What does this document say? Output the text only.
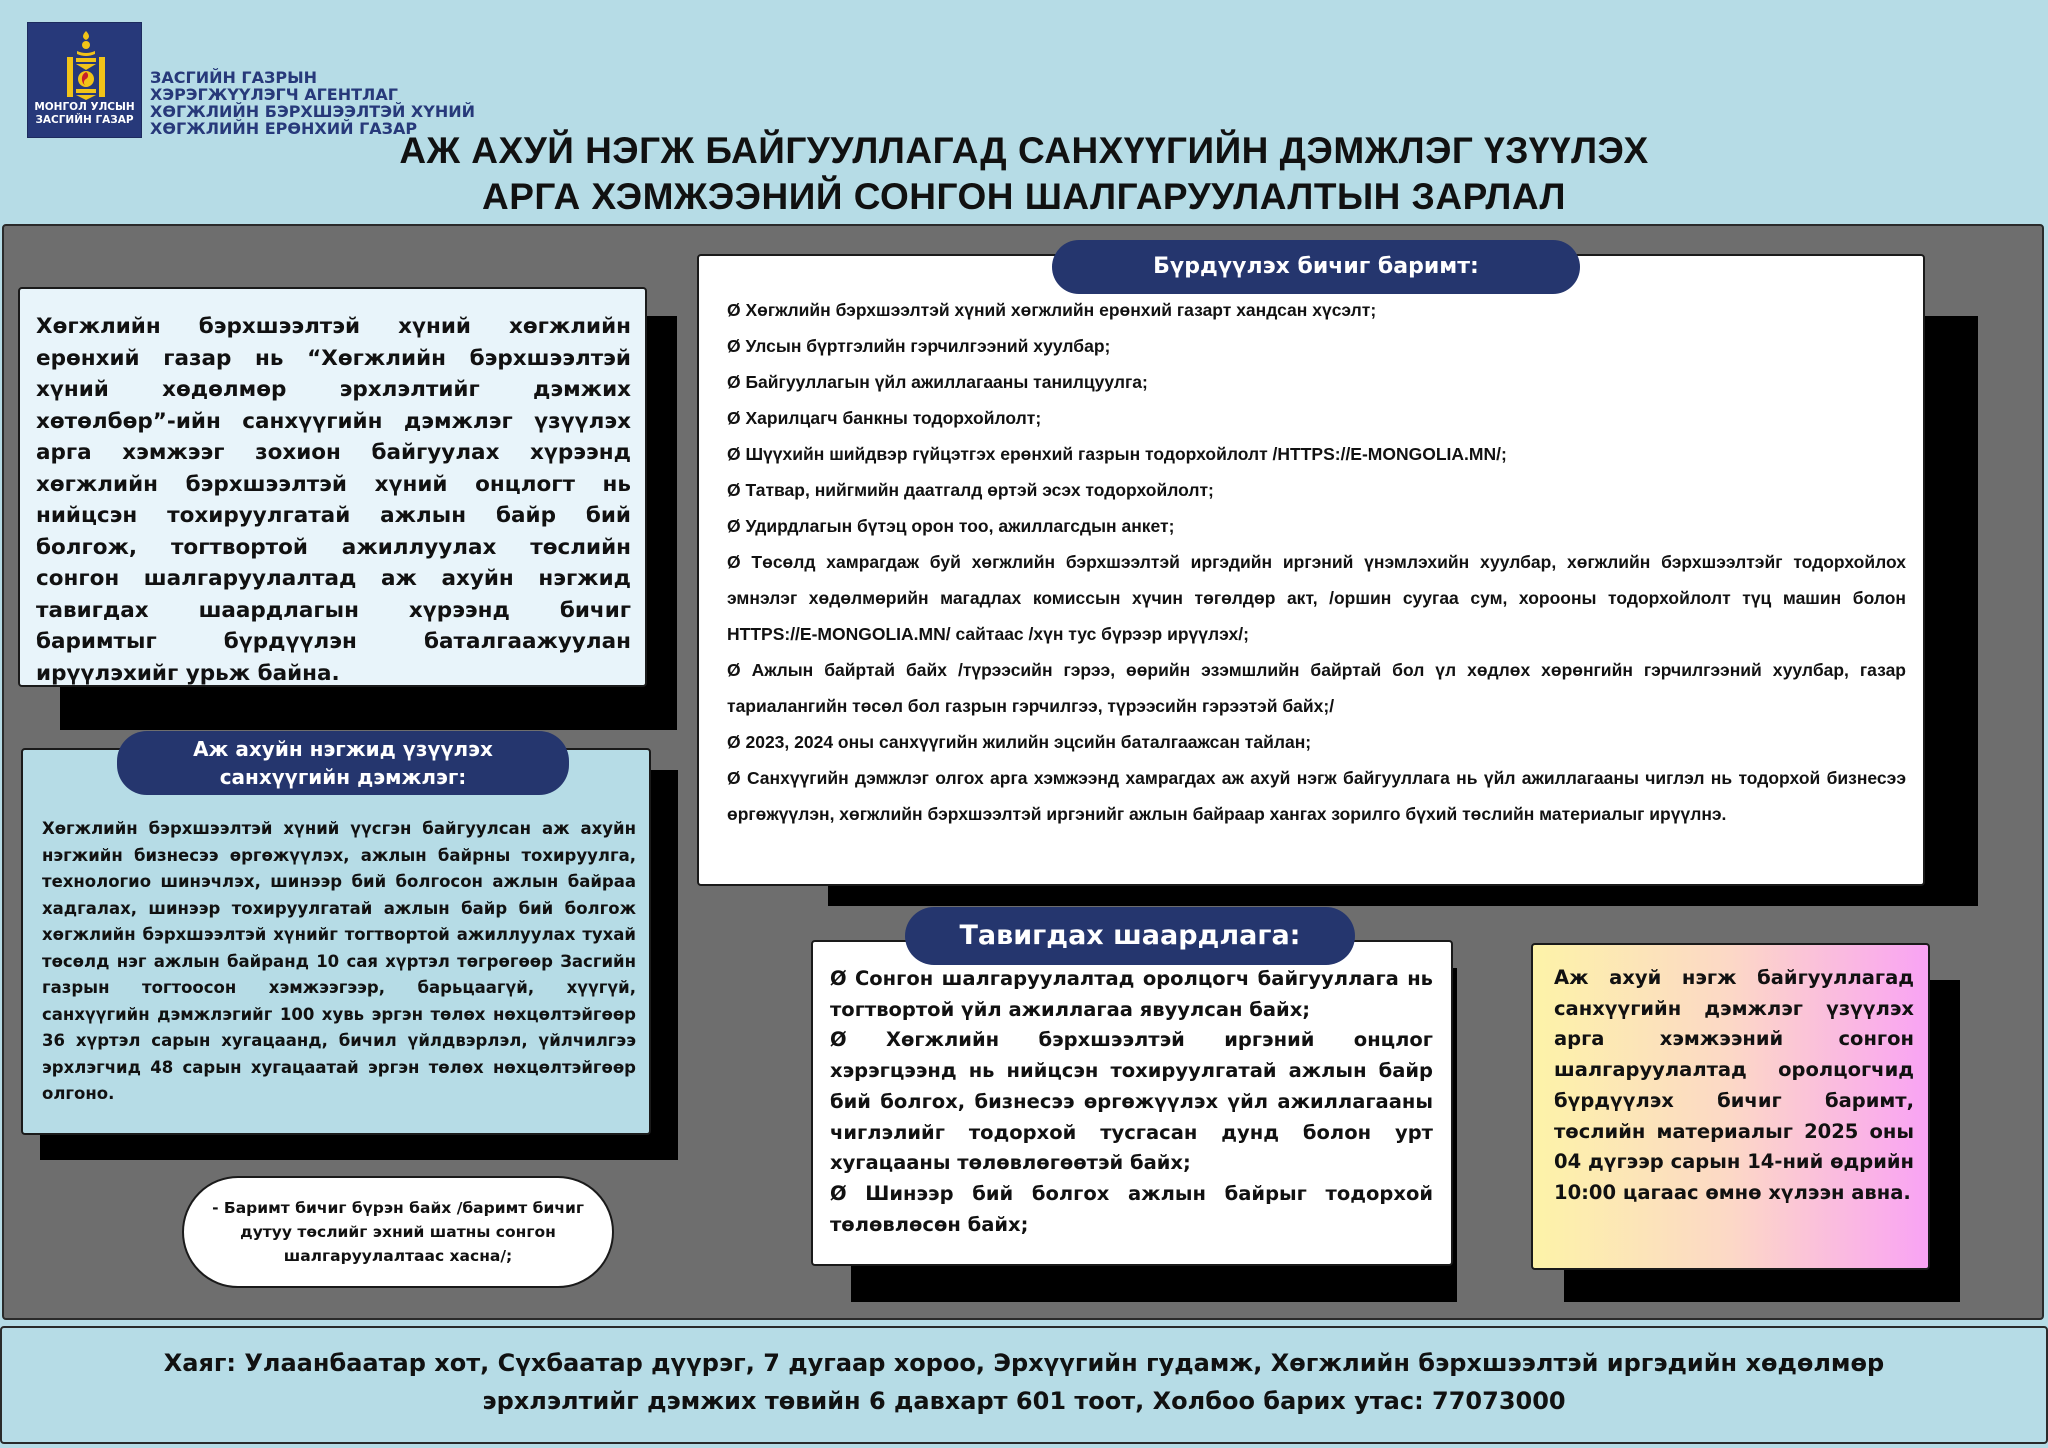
МОНГОЛ УЛСЫН
ЗАСГИЙН ГАЗАР
ЗАСГИЙН ГАЗРЫН
ХЭРЭГЖҮҮЛЭГЧ АГЕНТЛАГ
ХӨГЖЛИЙН БЭРХШЭЭЛТЭЙ ХҮНИЙ
ХӨГЖЛИЙН ЕРӨНХИЙ ГАЗАР
АЖ АХУЙ НЭГЖ БАЙГУУЛЛАГАД САНХҮҮГИЙН ДЭМЖЛЭГ ҮЗҮҮЛЭХ
АРГА ХЭМЖЭЭНИЙ СОНГОН ШАЛГАРУУЛАЛТЫН ЗАРЛАЛ

Хөгжлийн бэрхшээлтэй хүний хөгжлийн ерөнхий газар нь “Хөгжлийн бэрхшээлтэй хүний хөдөлмөр эрхлэлтийг дэмжих хөтөлбөр”-ийн санхүүгийн дэмжлэг үзүүлэх арга хэмжээг зохион байгуулах хүрээнд хөгжлийн бэрхшээлтэй хүний онцлогт нь нийцсэн тохируулгатай ажлын байр бий болгож, тогтвортой ажиллуулах төслийн сонгон шалгаруулалтад аж ахуйн нэгжид тавигдах шаардлагын хүрээнд бичиг баримтыг бүрдүүлэн баталгаажуулан ирүүлэхийг урьж байна.

Хөгжлийн бэрхшээлтэй хүний үүсгэн байгуулсан аж ахуйн нэгжийн бизнесээ өргөжүүлэх, ажлын байрны тохируулга, технологио шинэчлэх, шинээр бий болгосон ажлын байраа хадгалах, шинээр тохируулгатай ажлын байр бий болгож хөгжлийн бэрхшээлтэй хүнийг тогтвортой ажиллуулах тухай төсөлд нэг ажлын байранд 10 сая хүртэл төгрөгөөр Засгийн газрын тогтоосон хэмжээгээр, барьцаагүй, хүүгүй, санхүүгийн дэмжлэгийг 100 хувь эргэн төлөх нөхцөлтэйгөөр 36 хүртэл сарын хугацаанд, бичил үйлдвэрлэл, үйлчилгээ эрхлэгчид 48 сарын хугацаатай эргэн төлөх нөхцөлтэйгөөр олгоно.

Аж ахуйн нэгжид үзүүлэх
санхүүгийн дэмжлэг:
- Баримт бичиг бүрэн байх /баримт бичиг дутуу төслийг эхний шатны сонгон шалгаруулалтаас хасна/;
Ø Хөгжлийн бэрхшээлтэй хүний хөгжлийн ерөнхий газарт хандсан хүсэлт;
Ø Улсын бүртгэлийн гэрчилгээний хуулбар;
Ø Байгууллагын үйл ажиллагааны танилцуулга;
Ø Харилцагч банкны тодорхойлолт;
Ø Шүүхийн шийдвэр гүйцэтгэх ерөнхий газрын тодорхойлолт /HTTPS://E-MONGOLIA.MN/;
Ø Татвар, нийгмийн даатгалд өртэй эсэх тодорхойлолт;
Ø Удирдлагын бүтэц орон тоо, ажиллагсдын анкет;
Ø Төсөлд хамрагдаж буй хөгжлийн бэрхшээлтэй иргэдийн иргэний үнэмлэхийн хуулбар, хөгжлийн бэрхшээлтэйг тодорхойлох эмнэлэг хөдөлмөрийн магадлах комиссын хүчин төгөлдөр акт, /оршин суугаа сум, хорооны тодорхойлолт түц машин болон HTTPS://E-MONGOLIA.MN/ сайтаас /хүн тус бүрээр ирүүлэх/;
Ø Ажлын байртай байх /түрээсийн гэрээ, өөрийн эзэмшлийн байртай бол үл хөдлөх хөрөнгийн гэрчилгээний хуулбар, газар тариалангийн төсөл бол газрын гэрчилгээ, түрээсийн гэрээтэй байх;/
Ø 2023, 2024 оны санхүүгийн жилийн эцсийн баталгаажсан тайлан;
Ø Санхүүгийн дэмжлэг олгох арга хэмжээнд хамрагдах аж ахуй нэгж байгууллага нь үйл ажиллагааны чиглэл нь тодорхой бизнесээ өргөжүүлэн, хөгжлийн бэрхшээлтэй иргэнийг ажлын байраар хангах зорилго бүхий төслийн материалыг ирүүлнэ.
Бүрдүүлэх бичиг баримт:

Ø Сонгон шалгаруулалтад оролцогч байгууллага нь тогтвортой үйл ажиллагаа явуулсан байх;

Ø Хөгжлийн бэрхшээлтэй иргэний онцлог хэрэгцээнд нь нийцсэн тохируулгатай ажлын байр бий болгох, бизнесээ өргөжүүлэх үйл ажиллагааны чиглэлийг тодорхой тусгасан дунд болон урт хугацааны төлөвлөгөөтэй байх;

Ø Шинээр бий болгох ажлын байрыг тодорхой төлөвлөсөн байх;

Тавигдах шаардлага:

Аж ахуй нэгж байгууллагад санхүүгийн дэмжлэг үзүүлэх арга хэмжээний сонгон шалгаруулалтад оролцогчид бүрдүүлэх бичиг баримт, төслийн материалыг 2025 оны 04 дүгээр сарын 14-ний өдрийн 10:00 цагаас өмнө хүлээн авна.

Хаяг: Улаанбаатар хот, Сүхбаатар дүүрэг, 7 дугаар хороо, Эрхүүгийн гудамж, Хөгжлийн бэрхшээлтэй иргэдийн хөдөлмөр
эрхлэлтийг дэмжих төвийн 6 давхарт 601 тоот, Холбоо барих утас: 77073000
